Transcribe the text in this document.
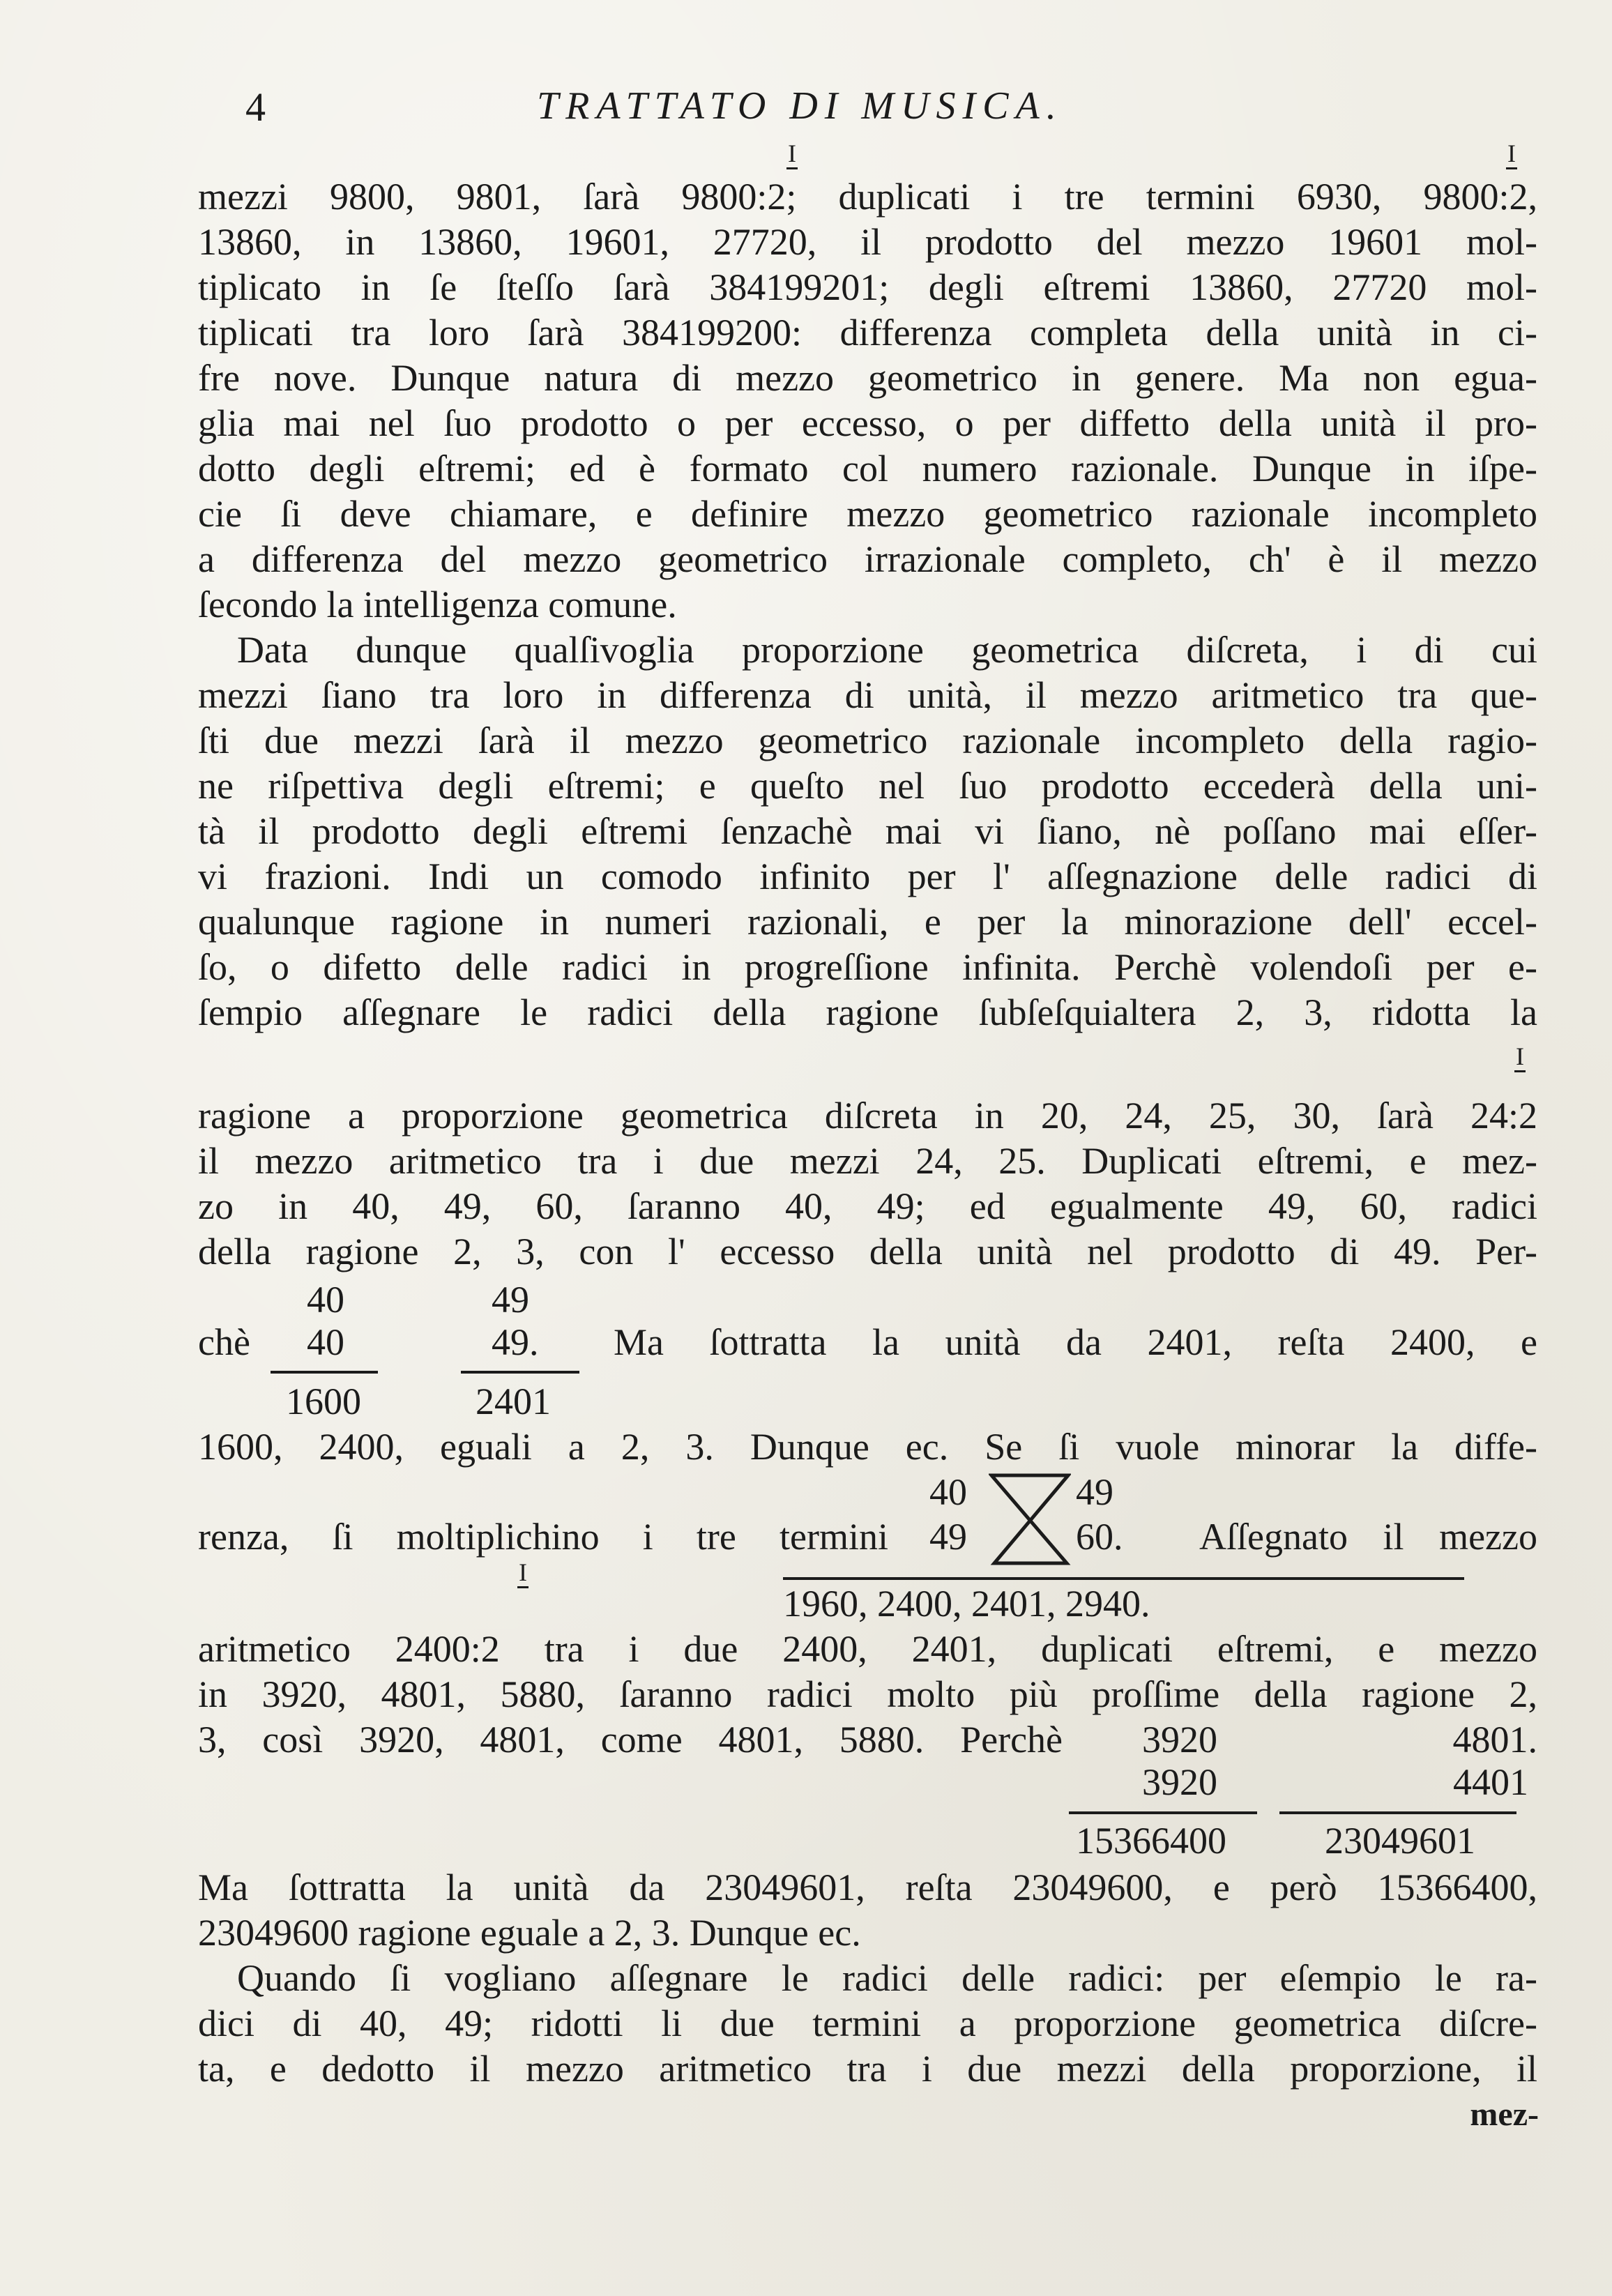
4	TRATTATO DI MUSICA.
I	I
mezzi 9800, 9801, ſarà 9800:2; duplicati i tre termini 6930, 9800:2,
13860, in 13860, 19601, 27720, il prodotto del mezzo 19601 mol-
tiplicato in ſe ſteſſo ſarà 384199201; degli eſtremi 13860, 27720 mol-
tiplicati tra loro ſarà 384199200: differenza completa della unità in ci-
fre nove. Dunque natura di mezzo geometrico in genere. Ma non egua-
glia mai nel ſuo prodotto o per eccesso, o per diffetto della unità il pro-
dotto degli eſtremi; ed è formato col numero razionale. Dunque in iſpe-
cie ſi deve chiamare, e definire mezzo geometrico razionale incompleto
a differenza del mezzo geometrico irrazionale completo, ch' è il mezzo
ſecondo la intelligenza comune.
Data dunque qualſivoglia proporzione geometrica diſcreta, i di cui
mezzi ſiano tra loro in differenza di unità, il mezzo aritmetico tra que-
ſti due mezzi ſarà il mezzo geometrico razionale incompleto della ragio-
ne riſpettiva degli eſtremi; e queſto nel ſuo prodotto eccederà della uni-
tà il prodotto degli eſtremi ſenzachè mai vi ſiano, nè poſſano mai eſſer-
vi frazioni. Indi un comodo infinito per l' aſſegnazione delle radici di
qualunque ragione in numeri razionali, e per la minorazione dell' eccel-
ſo, o difetto delle radici in progreſſione infinita. Perchè volendoſi per e-
ſempio aſſegnare le radici della ragione ſubſeſquialtera 2, 3, ridotta la
I
ragione a proporzione geometrica diſcreta in 20, 24, 25, 30, ſarà 24:2
il mezzo aritmetico tra i due mezzi 24, 25. Duplicati eſtremi, e mez-
zo in 40, 49, 60, ſaranno 40, 49; ed egualmente 49, 60, radici
della ragione 2, 3, con l' eccesso della unità nel prodotto di 49. Per-
40	49
chè 40	49. Ma ſottratta la unità da 2401, reſta 2400, e
1600	2401
1600, 2400, eguali a 2, 3. Dunque ec. Se ſi vuole minorar la diffe-
40	49
renza, ſi moltiplichino i tre termini 49	60. Aſſegnato il mezzo
I
1960, 2400, 2401, 2940.
aritmetico 2400:2 tra i due 2400, 2401, duplicati eſtremi, e mezzo
in 3920, 4801, 5880, ſaranno radici molto più proſſime della ragione 2,
3, così 3920, 4801, come 4801, 5880. Perchè 3920	4801.
3920	4401
15366400	23049601
Ma ſottratta la unità da 23049601, reſta 23049600, e però 15366400,
23049600 ragione eguale a 2, 3. Dunque ec.
Quando ſi vogliano aſſegnare le radici delle radici: per eſempio le ra-
dici di 40, 49; ridotti li due termini a proporzione geometrica diſcre-
ta, e dedotto il mezzo aritmetico tra i due mezzi della proporzione, il
mez-
